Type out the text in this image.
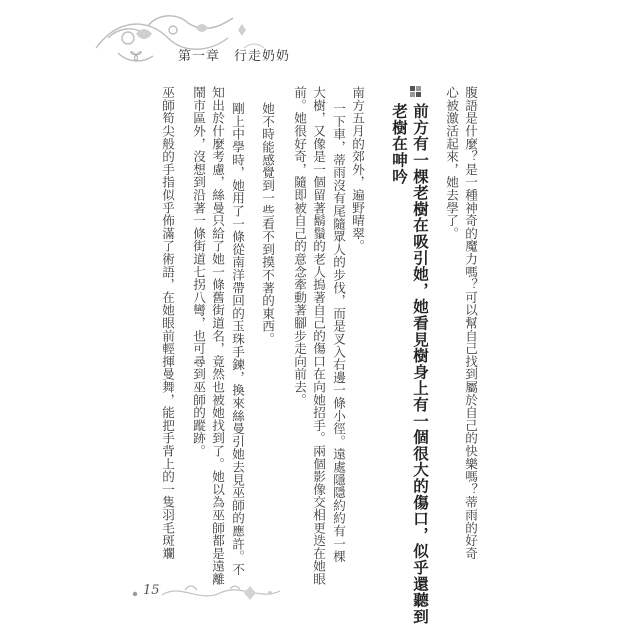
第一章　行走奶奶
腹語是什麼？是一種神奇的魔力嗎？可以幫自己找到屬於自己的快樂嗎？蒂雨的好奇
心被激活起來，她去學了。
前方有一棵老樹在吸引她，她看見樹身上有一個很大的傷口，似乎還聽到
老樹在呻吟
南方五月的郊外，遍野晴翠。
一下車，蒂雨沒有尾隨眾人的步伐，而是叉入右邊一條小徑。遠處隱隱約約有一棵
大樹，又像是一個留著鬍鬚的老人摀著自己的傷口在向她招手。兩個影像交相更迭在她眼
前。她很好奇，隨即被自己的意念牽動著腳步走向前去。
她不時能感覺到一些看不到摸不著的東西。
剛上中學時，她用了一條從南洋帶回的玉珠手鍊，換來絲曼引她去見巫師的應許。不
知出於什麼考慮，絲曼只給了她一條舊街道名，竟然也被她找到了。她以為巫師都是遠離
鬧市區外，沒想到沿著一條街道七拐八彎，也可尋到巫師的蹤跡。
巫師筍尖般的手指似乎佈滿了術語，在她眼前輕揮曼舞，能把手背上的一隻羽毛斑斕
15
